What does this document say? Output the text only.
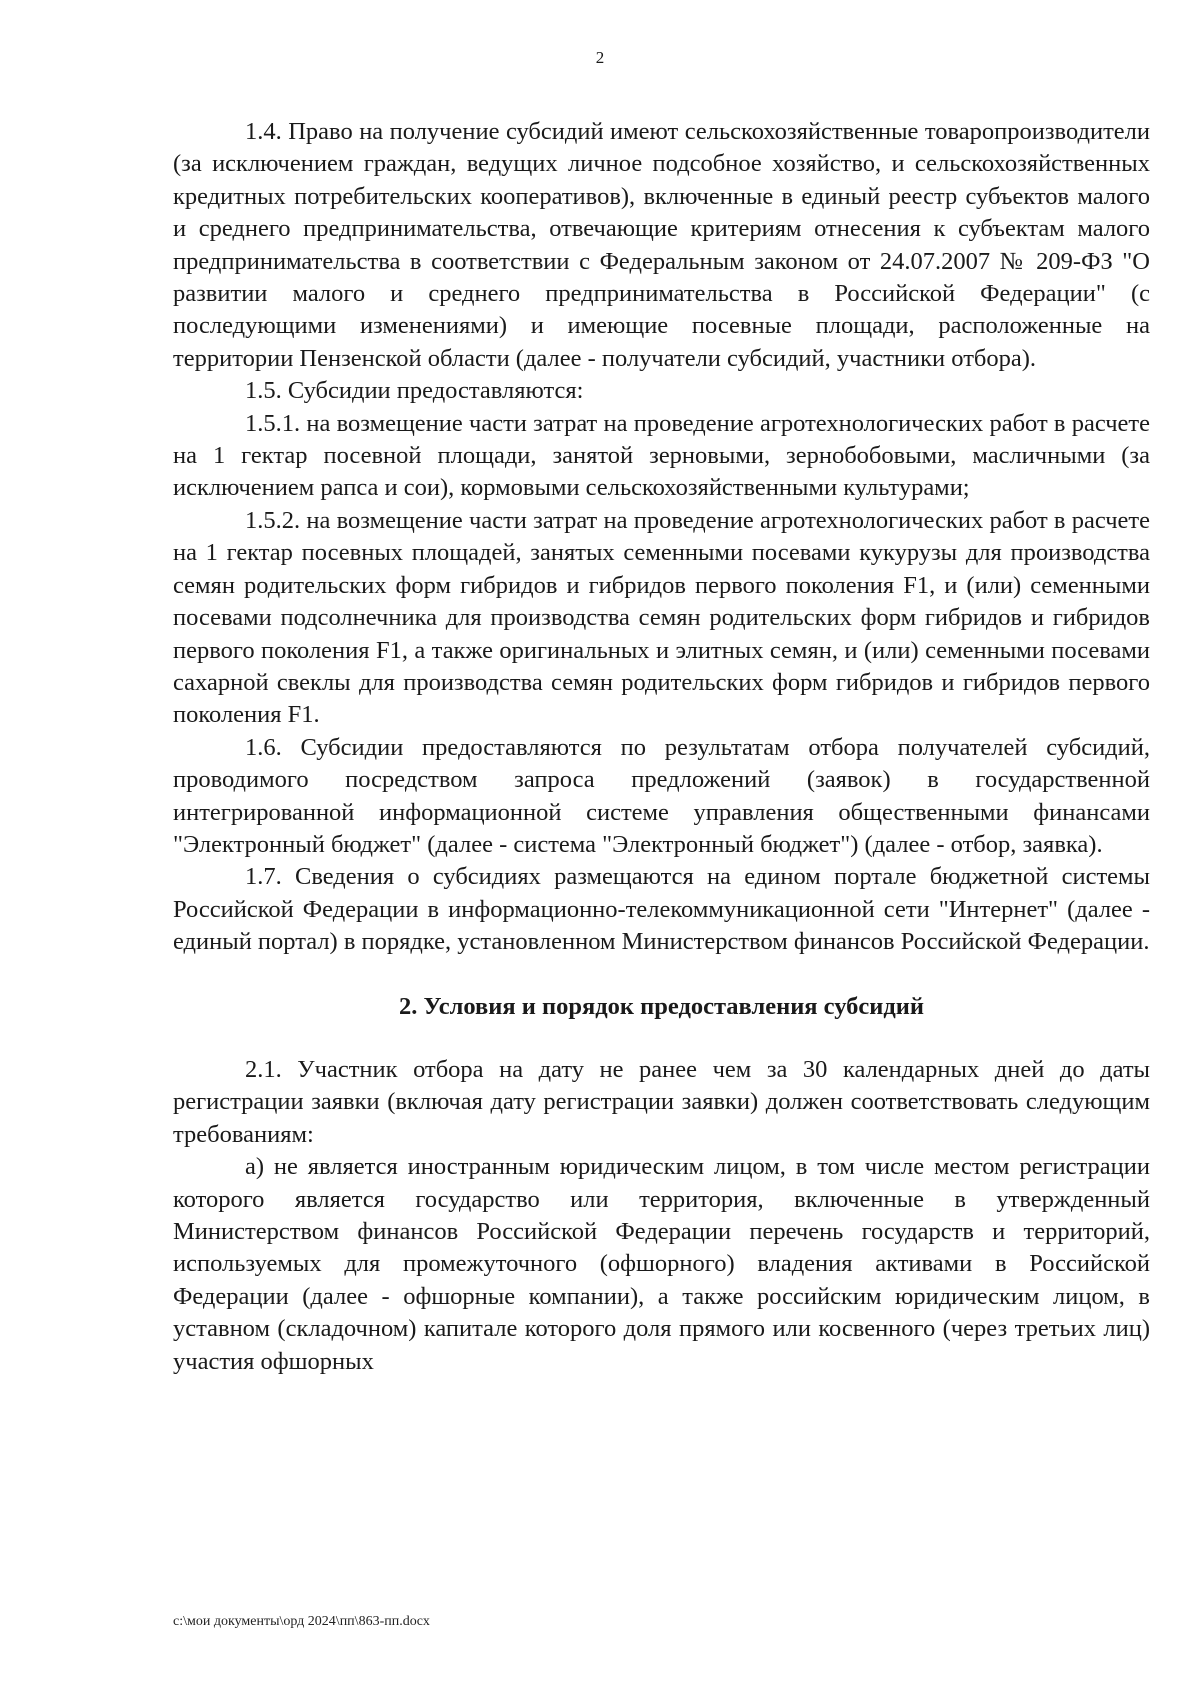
2

1.4. Право на получение субсидий имеют сельскохозяйственные товаропроизводители (за исключением граждан, ведущих личное подсобное хозяйство, и сельскохозяйственных кредитных потребительских кооперативов), включенные в единый реестр субъектов малого и среднего предпринимательства, отвечающие критериям отнесения к субъектам малого предпринимательства в соответствии с Федеральным законом от 24.07.2007 № 209-ФЗ "О развитии малого и среднего предпринимательства в Российской Федерации" (с последующими изменениями) и имеющие посевные площади, расположенные на территории Пензенской области (далее - получатели субсидий, участники отбора).

1.5. Субсидии предоставляются:

1.5.1. на возмещение части затрат на проведение агротехнологических работ в расчете на 1 гектар посевной площади, занятой зерновыми, зернобобовыми, масличными (за исключением рапса и сои), кормовыми сельскохозяйственными культурами;

1.5.2. на возмещение части затрат на проведение агротехнологических работ в расчете на 1 гектар посевных площадей, занятых семенными посевами кукурузы для производства семян родительских форм гибридов и гибридов первого поколения F1, и (или) семенными посевами подсолнечника для производства семян родительских форм гибридов и гибридов первого поколения F1, а также оригинальных и элитных семян, и (или) семенными посевами сахарной свеклы для производства семян родительских форм гибридов и гибридов первого поколения F1.

1.6. Субсидии предоставляются по результатам отбора получателей субсидий, проводимого посредством запроса предложений (заявок) в государственной интегрированной информационной системе управления общественными финансами "Электронный бюджет" (далее - система "Электронный бюджет") (далее - отбор, заявка).

1.7. Сведения о субсидиях размещаются на едином портале бюджетной системы Российской Федерации в информационно-телекоммуникационной сети "Интернет" (далее - единый портал) в порядке, установленном Министерством финансов Российской Федерации.

2. Условия и порядок предоставления субсидий

2.1. Участник отбора на дату не ранее чем за 30 календарных дней до даты регистрации заявки (включая дату регистрации заявки) должен соответствовать следующим требованиям:

а) не является иностранным юридическим лицом, в том числе местом регистрации которого является государство или территория, включенные в утвержденный Министерством финансов Российской Федерации перечень государств и территорий, используемых для промежуточного (офшорного) владения активами в Российской Федерации (далее - офшорные компании), а также российским юридическим лицом, в уставном (складочном) капитале которого доля прямого или косвенного (через третьих лиц) участия офшорных

c:\мои документы\орд 2024\пп\863-пп.docx
